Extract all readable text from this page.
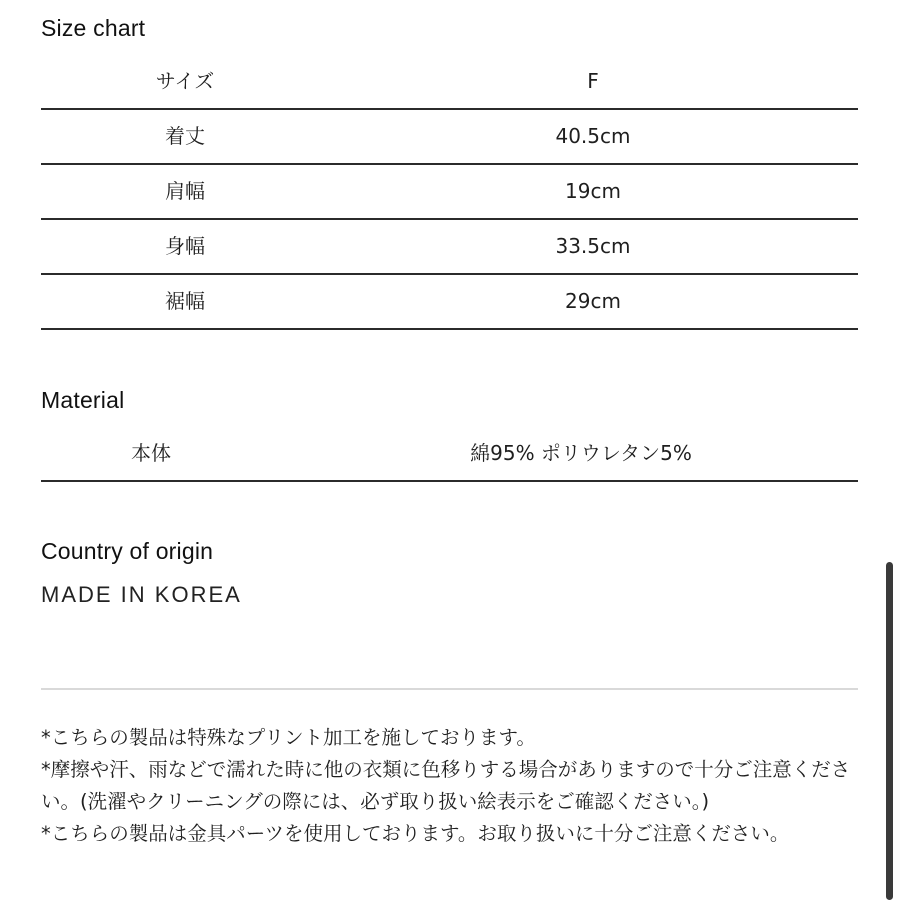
Size chart
サイズ	F
着丈	40.5cm
肩幅	19cm
身幅	33.5cm
裾幅	29cm
Material
本体	綿95% ポリウレタン5%
Country of origin

MADE IN KOREA

*こちらの製品は特殊なプリント加工を施しております。
*摩擦や汗、雨などで濡れた時に他の衣類に色移りする場合がありますので十分ご注意ください。(洗濯やクリーニングの際には、必ず取り扱い絵表示をご確認ください。)
*こちらの製品は金具パーツを使用しております。お取り扱いに十分ご注意ください。
